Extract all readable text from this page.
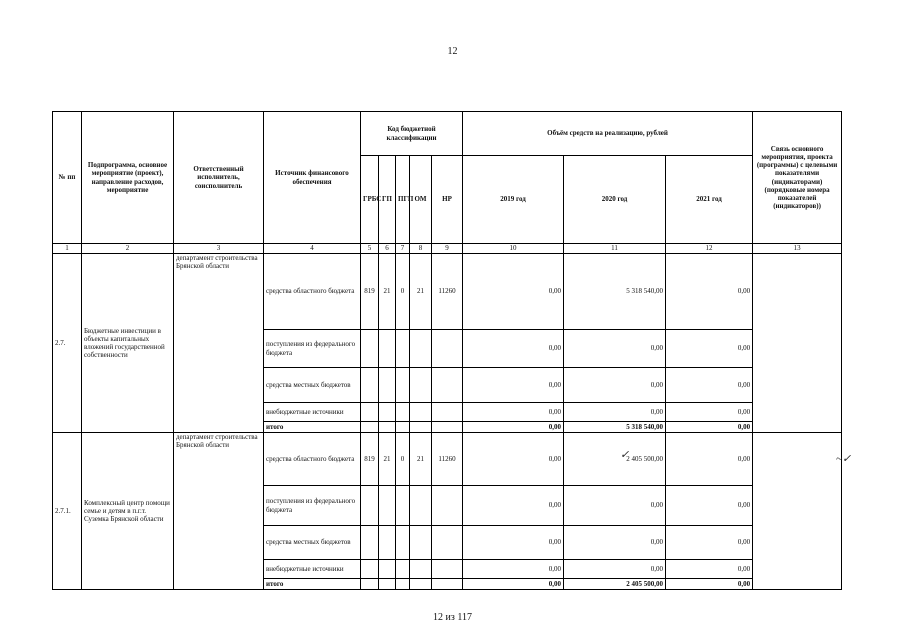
12
№ пп	Подпрограмма, основное мероприятие (проект), направление расходов, мероприятие	Ответственный исполнитель, соисполнитель	Источник финансового обеспечения	Код бюджетной классификации					Объём средств на реализацию, рублей			Связь основного мероприятия, проекта (программы) с целевыми показателями (индикаторами) (порядковые номера показателей (индикаторов))
				ГРБС	ГП	ПГП	ОМ	НР	2019 год	2020 год	2021 год	
1	2	3	4	5	6	7	8	9	10	11	12	13
2.7.	Бюджетные инвестиции в объекты капитальных вложений государственной собственности	департамент строительства Брянской области	средства областного бюджета	819	21	0	21	11260	0,00	5 318 540,00	0,00	
			поступления из федерального бюджета						0,00	0,00	0,00	
			средства местных бюджетов						0,00	0,00	0,00	
			внебюджетные источники						0,00	0,00	0,00	
			итого						0,00	5 318 540,00	0,00	
2.7.1.	Комплексный центр помощи семье и детям в п.г.т. Суземка Брянской области	департамент строительства Брянской области	средства областного бюджета	819	21	0	21	11260	0,00	2 405 500,00	0,00	
			поступления из федерального бюджета						0,00	0,00	0,00	
			средства местных бюджетов						0,00	0,00	0,00	
			внебюджетные источники						0,00	0,00	0,00	
			итого						0,00	2 405 500,00	0,00	
✓	~✓
12 из 117
